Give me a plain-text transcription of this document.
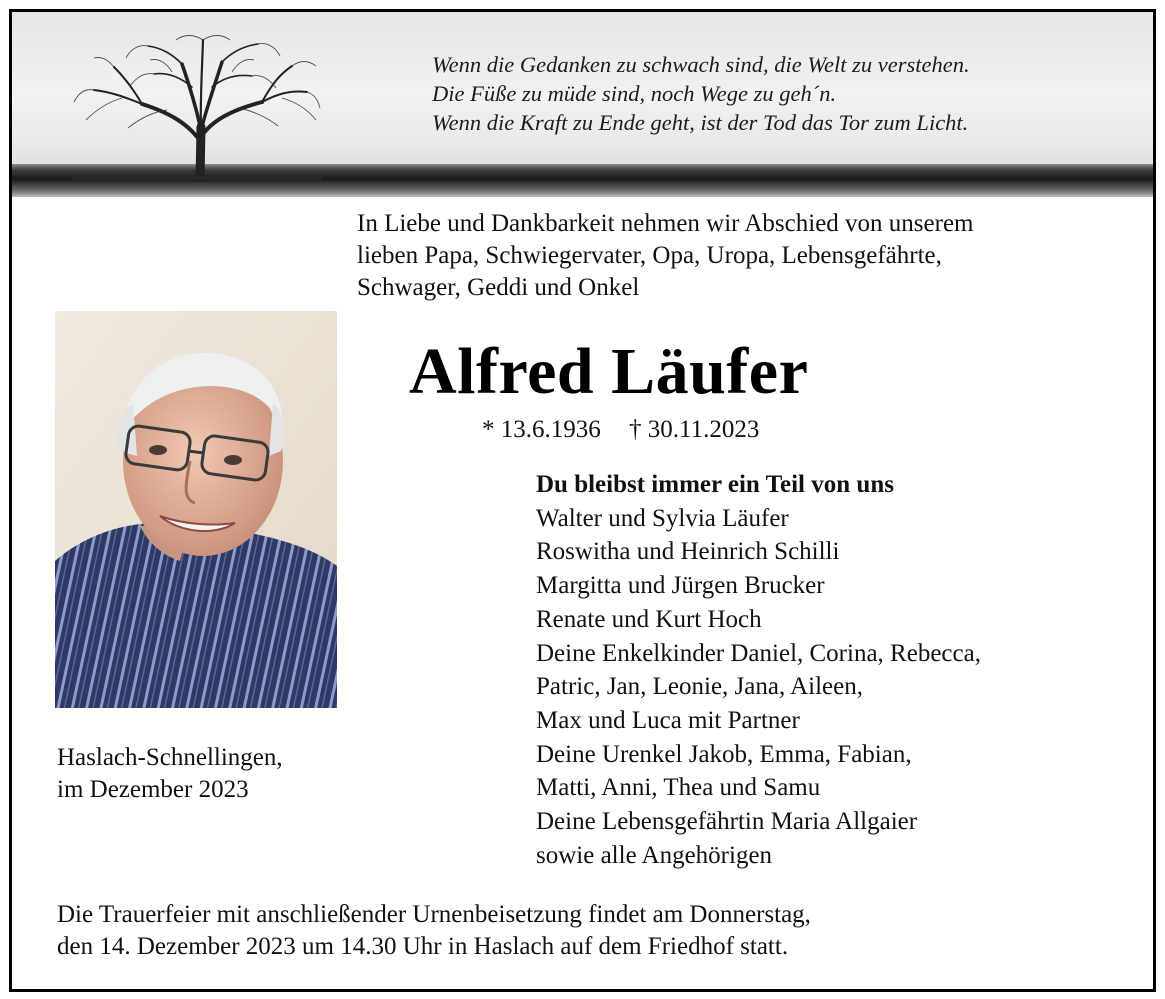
Wenn die Gedanken zu schwach sind, die Welt zu verstehen.
Die Füße zu müde sind, noch Wege zu geh´n.
Wenn die Kraft zu Ende geht, ist der Tod das Tor zum Licht.
In Liebe und Dankbarkeit nehmen wir Abschied von unserem
lieben Papa, Schwiegervater, Opa, Uropa, Lebensgefährte,
Schwager, Geddi und Onkel
Alfred Läufer
* 13.6.1936 † 30.11.2023
Du bleibst immer ein Teil von uns
Walter und Sylvia Läufer
Roswitha und Heinrich Schilli
Margitta und Jürgen Brucker
Renate und Kurt Hoch
Deine Enkelkinder Daniel, Corina, Rebecca,
Patric, Jan, Leonie, Jana, Aileen,
Max und Luca mit Partner
Deine Urenkel Jakob, Emma, Fabian,
Matti, Anni, Thea und Samu
Deine Lebensgefährtin Maria Allgaier
sowie alle Angehörigen
Haslach-Schnellingen,
im Dezember 2023
Die Trauerfeier mit anschließender Urnenbeisetzung findet am Donnerstag,
den 14. Dezember 2023 um 14.30 Uhr in Haslach auf dem Friedhof statt.
